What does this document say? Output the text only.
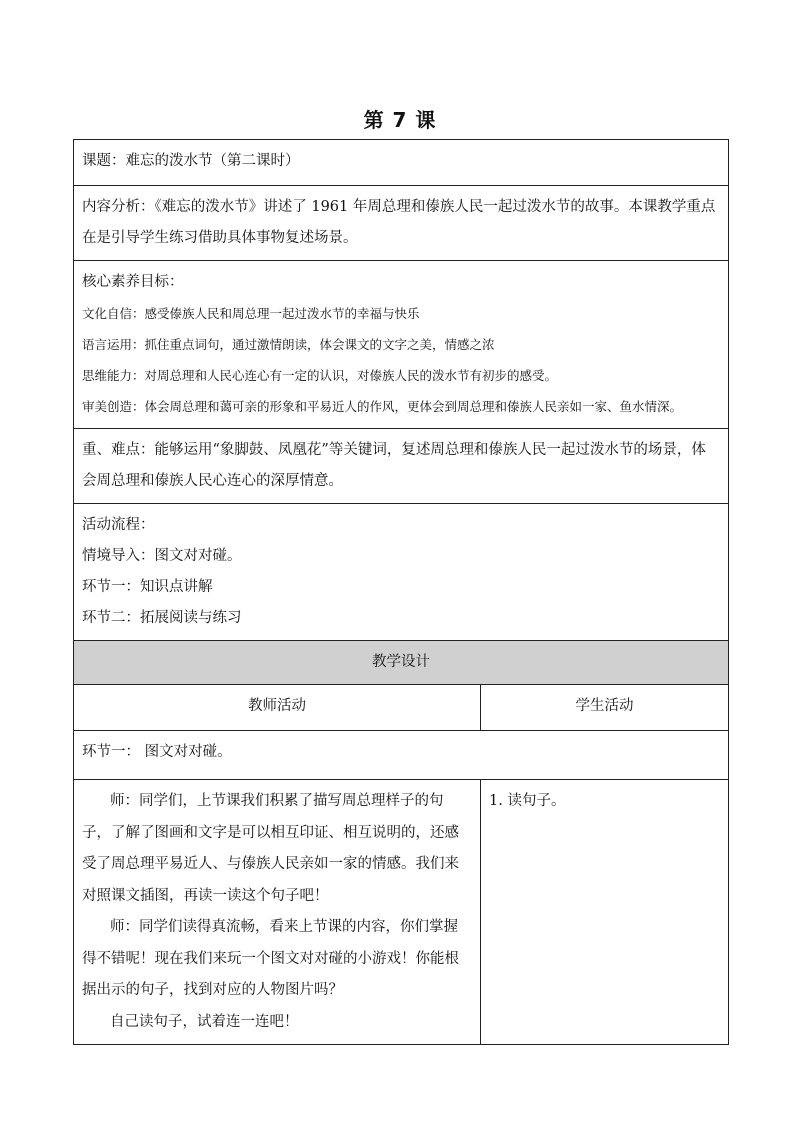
第 7 课
课题：难忘的泼水节（第二课时）	
内容分析：《难忘的泼水节》讲述了 1961 年周总理和傣族人民一起过泼水节的故事。本课教学重点在是引导学生练习借助具体事物复述场景。	

核心素养目标：
文化自信：感受傣族人民和周总理一起过泼水节的幸福与快乐
语言运用：抓住重点词句，通过激情朗读，体会课文的文字之美，情感之浓
思维能力：对周总理和人民心连心有一定的认识，对傣族人民的泼水节有初步的感受。
审美创造：体会周总理和蔼可亲的形象和平易近人的作风，更体会到周总理和傣族人民亲如一家、鱼水情深。	

重、难点：能够运用“象脚鼓、凤凰花”等关键词，复述周总理和傣族人民一起过泼水节的场景，体会周总理和傣族人民心连心的深厚情意。	

活动流程：
情境导入：图文对对碰。
环节一：知识点讲解
环节二：拓展阅读与练习	

教学设计	
教师活动	学生活动
环节一： 图文对对碰。	

师：同学们，上节课我们积累了描写周总理样子的句子，了解了图画和文字是可以相互印证、相互说明的，还感受了周总理平易近人、与傣族人民亲如一家的情感。我们来对照课文插图，再读一读这个句子吧！
师：同学们读得真流畅，看来上节课的内容，你们掌握得不错呢！现在我们来玩一个图文对对碰的小游戏！你能根据出示的句子，找到对应的人物图片吗？
自己读句子，试着连一连吧！	1. 读句子。
